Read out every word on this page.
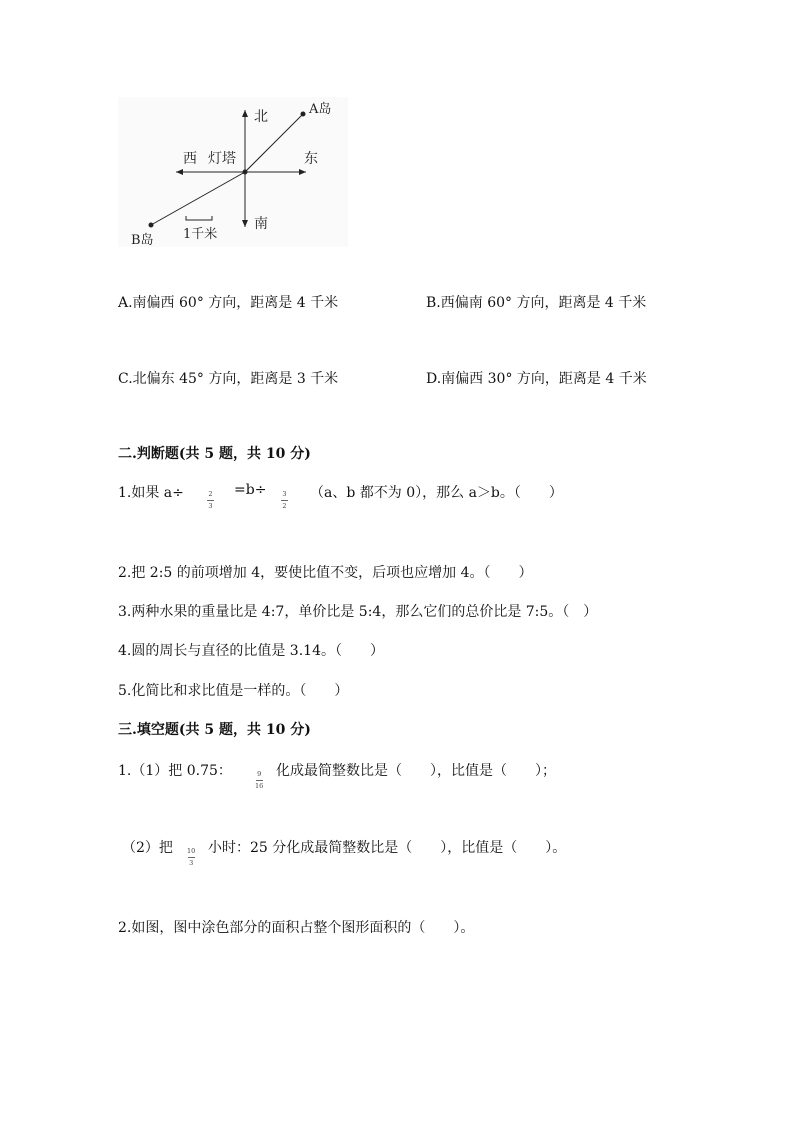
北
南
西	东
灯塔
A岛
B岛 1千米
A.南偏西 60° 方向，距离是 4 千米	B.西偏南 60° 方向，距离是 4 千米
C.北偏东 45° 方向，距离是 3 千米	D.南偏西 30° 方向，距离是 4 千米
二.判断题(共 5 题，共 10 分)
1.如果 a÷	2
3
=b÷ 3
2
（a、b 都不为 0），那么 a＞b。（　　）
2.把 2:5 的前项增加 4，要使比值不变，后项也应增加 4。（　　）
3.两种水果的重量比是 4:7，单价比是 5:4，那么它们的总价比是 7:5。（　）
4.圆的周长与直径的比值是 3.14。（　　）
5.化简比和求比值是一样的。（　　）
三.填空题(共 5 题，共 10 分)
1.（1）把 0.75：	9
16
化成最简整数比是（　　），比值是（　　）；
（2）把 10
3
小时：25 分化成最简整数比是（　　），比值是（　　）。
2.如图，图中涂色部分的面积占整个图形面积的（　　）。
